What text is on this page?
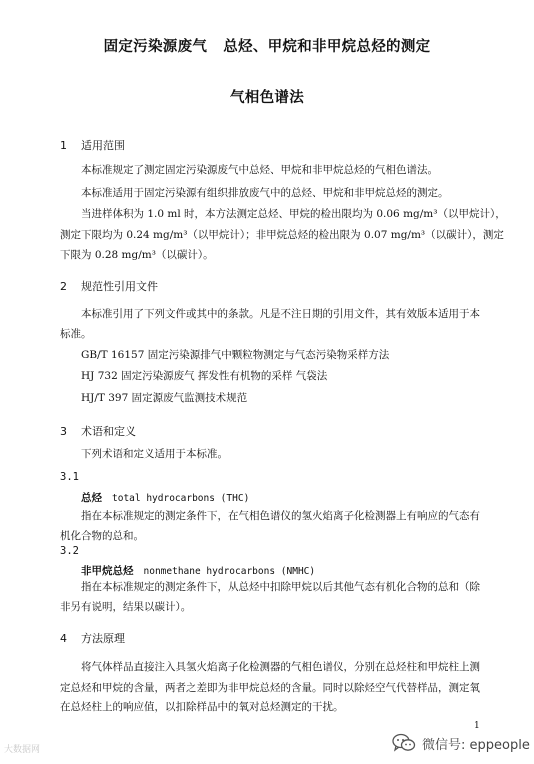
固定污染源废气   总烃、甲烷和非甲烷总烃的测定
气相色谱法
1    适用范围
本标准规定了测定固定污染源废气中总烃、甲烷和非甲烷总烃的气相色谱法。
本标准适用于固定污染源有组织排放废气中的总烃、甲烷和非甲烷总烃的测定。
当进样体积为 1.0 ml 时，本方法测定总烃、甲烷的检出限均为 0.06 mg/m³（以甲烷计），
测定下限均为 0.24 mg/m³（以甲烷计）；非甲烷总烃的检出限为 0.07 mg/m³（以碳计），测定
下限为 0.28 mg/m³（以碳计）。
2    规范性引用文件
本标准引用了下列文件或其中的条款。凡是不注日期的引用文件，其有效版本适用于本
标准。
GB/T 16157 固定污染源排气中颗粒物测定与气态污染物采样方法
HJ 732 固定污染源废气 挥发性有机物的采样 气袋法
HJ/T 397 固定源废气监测技术规范
3    术语和定义
下列术语和定义适用于本标准。
3.1
总烃 total hydrocarbons (THC)
指在本标准规定的测定条件下，在气相色谱仪的氢火焰离子化检测器上有响应的气态有
机化合物的总和。
3.2
非甲烷总烃 nonmethane hydrocarbons (NMHC)
指在本标准规定的测定条件下，从总烃中扣除甲烷以后其他气态有机化合物的总和（除
非另有说明，结果以碳计）。
4    方法原理
将气体样品直接注入具氢火焰离子化检测器的气相色谱仪，分别在总烃柱和甲烷柱上测
定总烃和甲烷的含量，两者之差即为非甲烷总烃的含量。同时以除烃空气代替样品，测定氧
在总烃柱上的响应值，以扣除样品中的氧对总烃测定的干扰。
1
大数据网	微信号: eppeople
